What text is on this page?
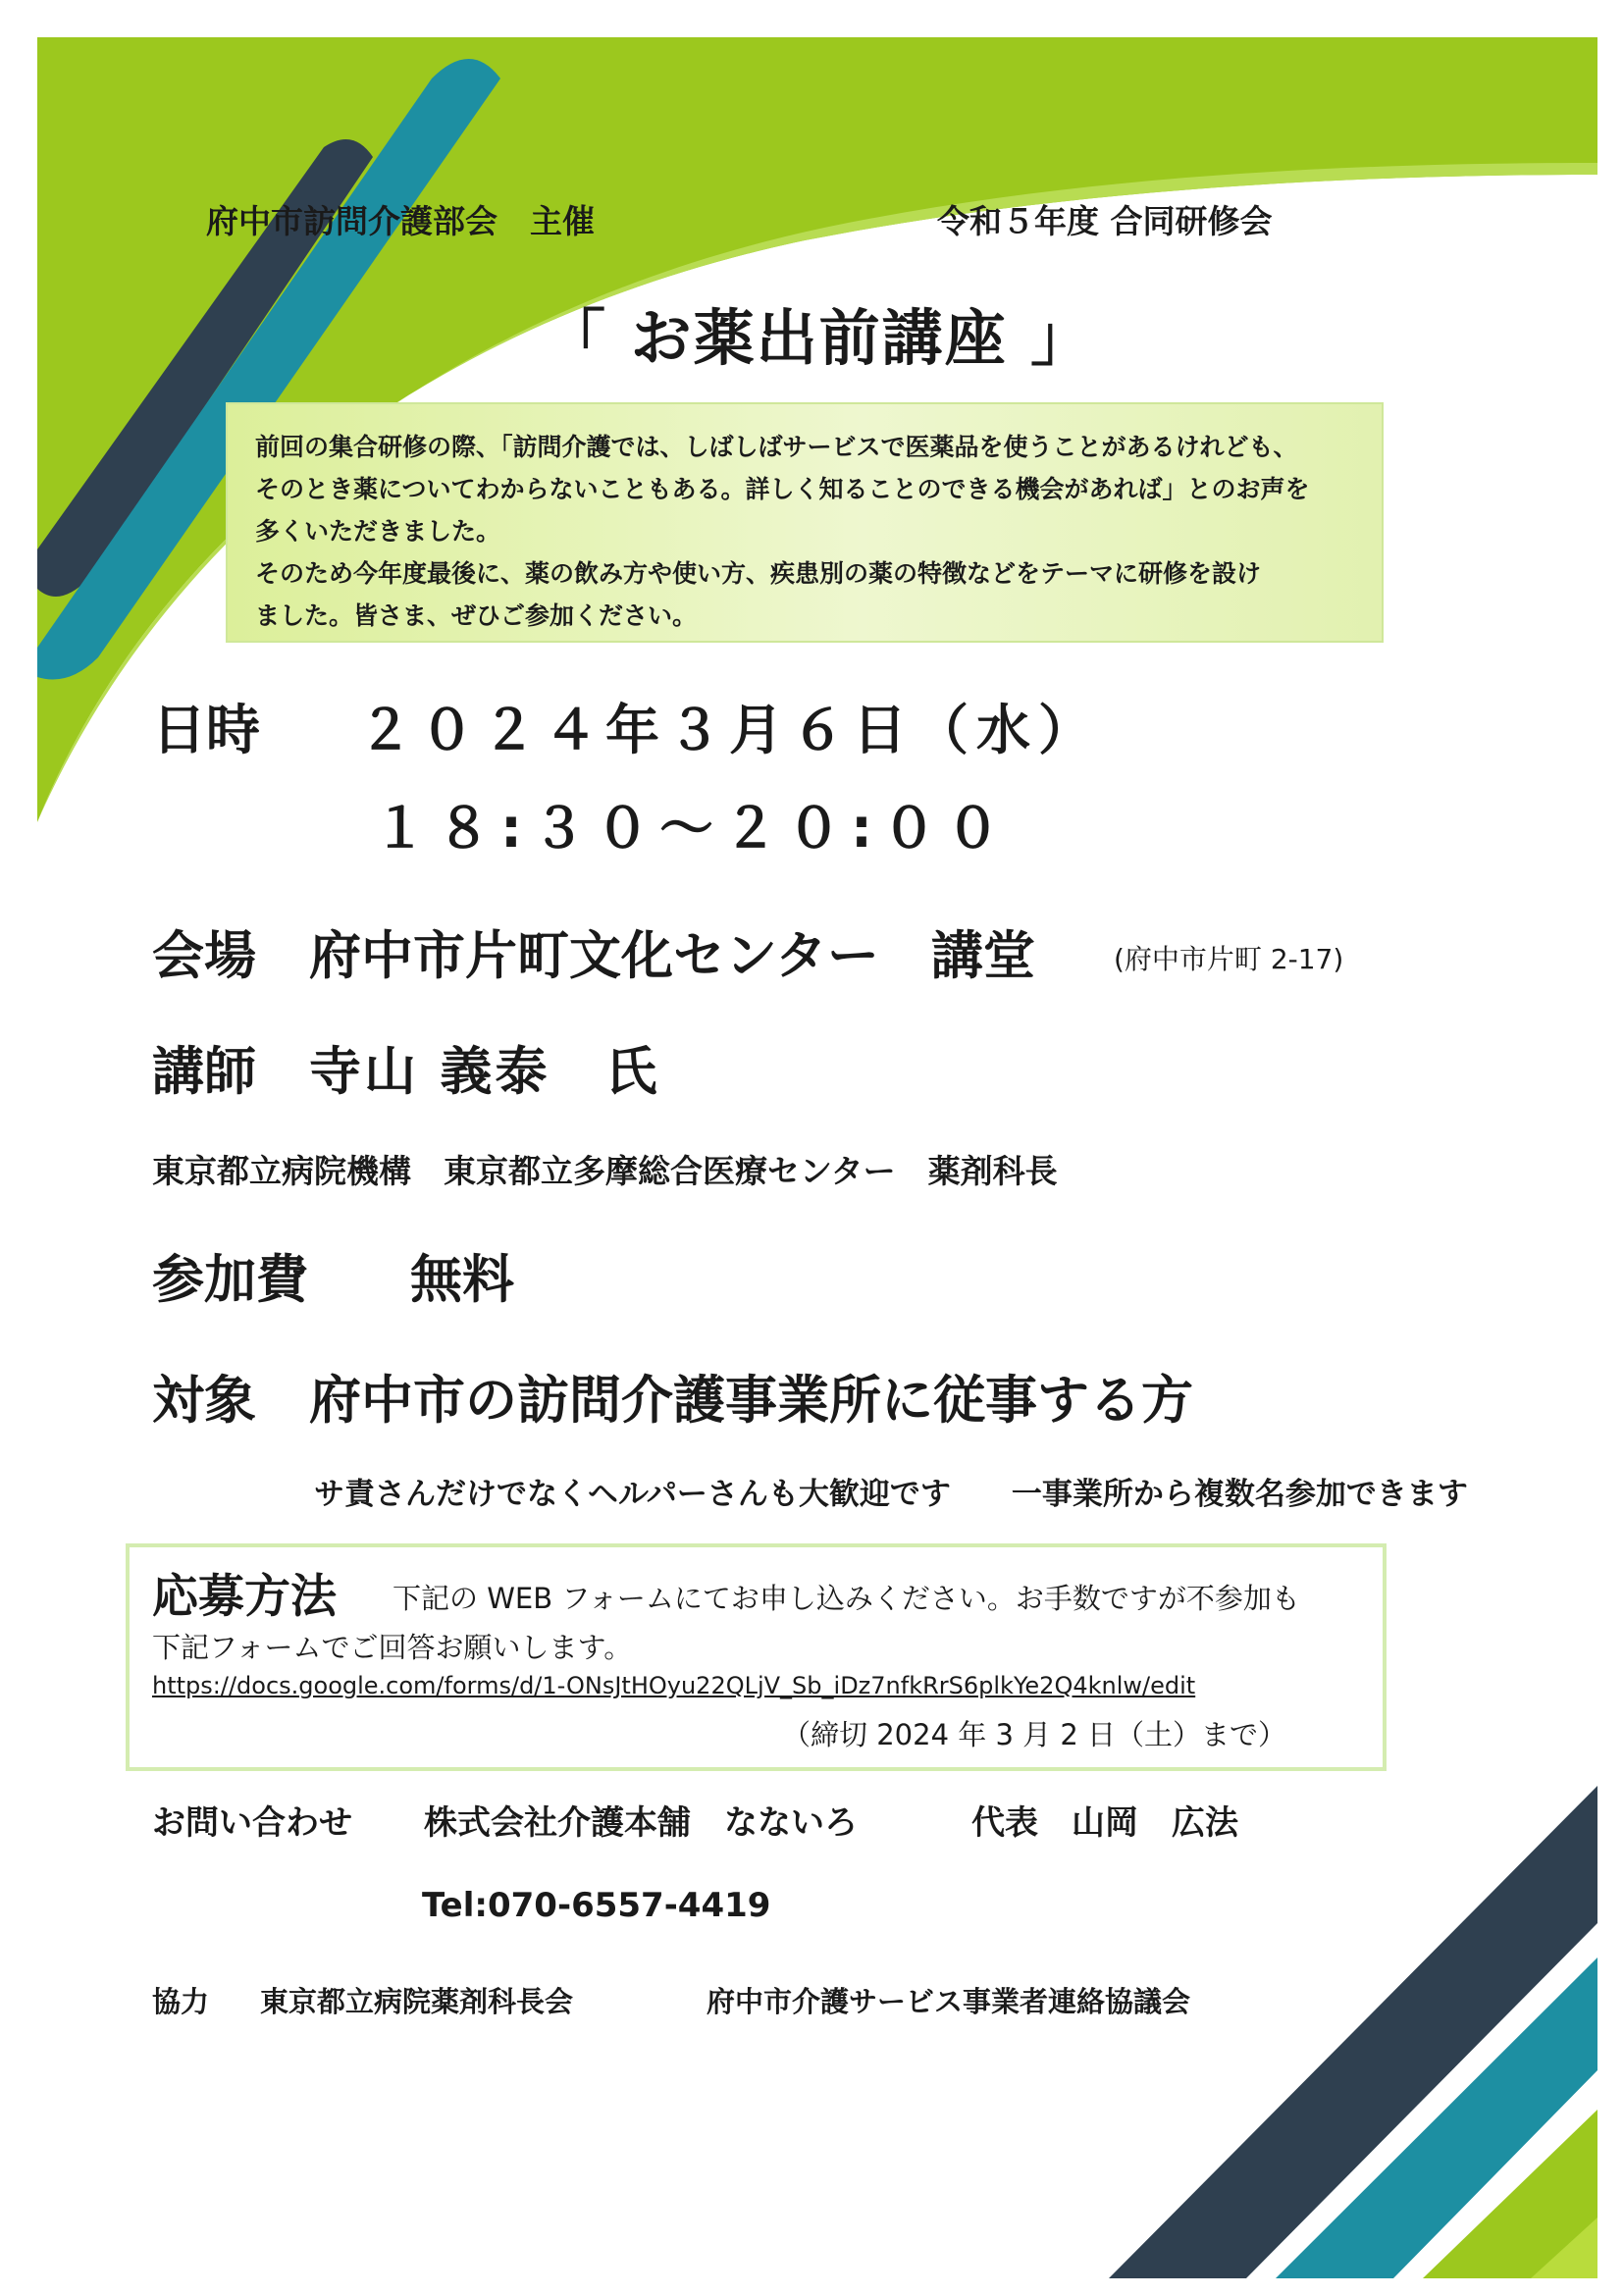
府中市訪問介護部会　主催	令和５年度 合同研修会
「 お薬出前講座 」
前回の集合研修の際、「訪問介護では、しばしばサービスで医薬品を使うことがあるけれども、
そのとき薬についてわからないこともある。詳しく知ることのできる機会があれば」とのお声を
多くいただきました。
そのため今年度最後に、薬の飲み方や使い方、疾患別の薬の特徴などをテーマに研修を設け
ました。皆さま、ぜひご参加ください。
日時 ２０２４年３月６日（水）
１８:３０～２０:００
会場 府中市片町文化センター　講堂	(府中市片町 2-17)
講師 寺山 義泰　氏
東京都立病院機構　東京都立多摩総合医療センター　薬剤科長
参加費 無料
対象 府中市の訪問介護事業所に従事する方
サ責さんだけでなくヘルパーさんも大歓迎です　　一事業所から複数名参加できます
応募方法 下記の WEB フォームにてお申し込みください。お手数ですが不参加も
下記フォームでご回答お願いします。
https://docs.google.com/forms/d/1-ONsJtHOyu22QLjV_Sb_iDz7nfkRrS6plkYe2Q4knlw/edit
（締切 2024 年 3 月 2 日（土）まで）
お問い合わせ 株式会社介護本舗　なないろ	代表　山岡　広法
Tel:070-6557-4419
協力 東京都立病院薬剤科長会	府中市介護サービス事業者連絡協議会
